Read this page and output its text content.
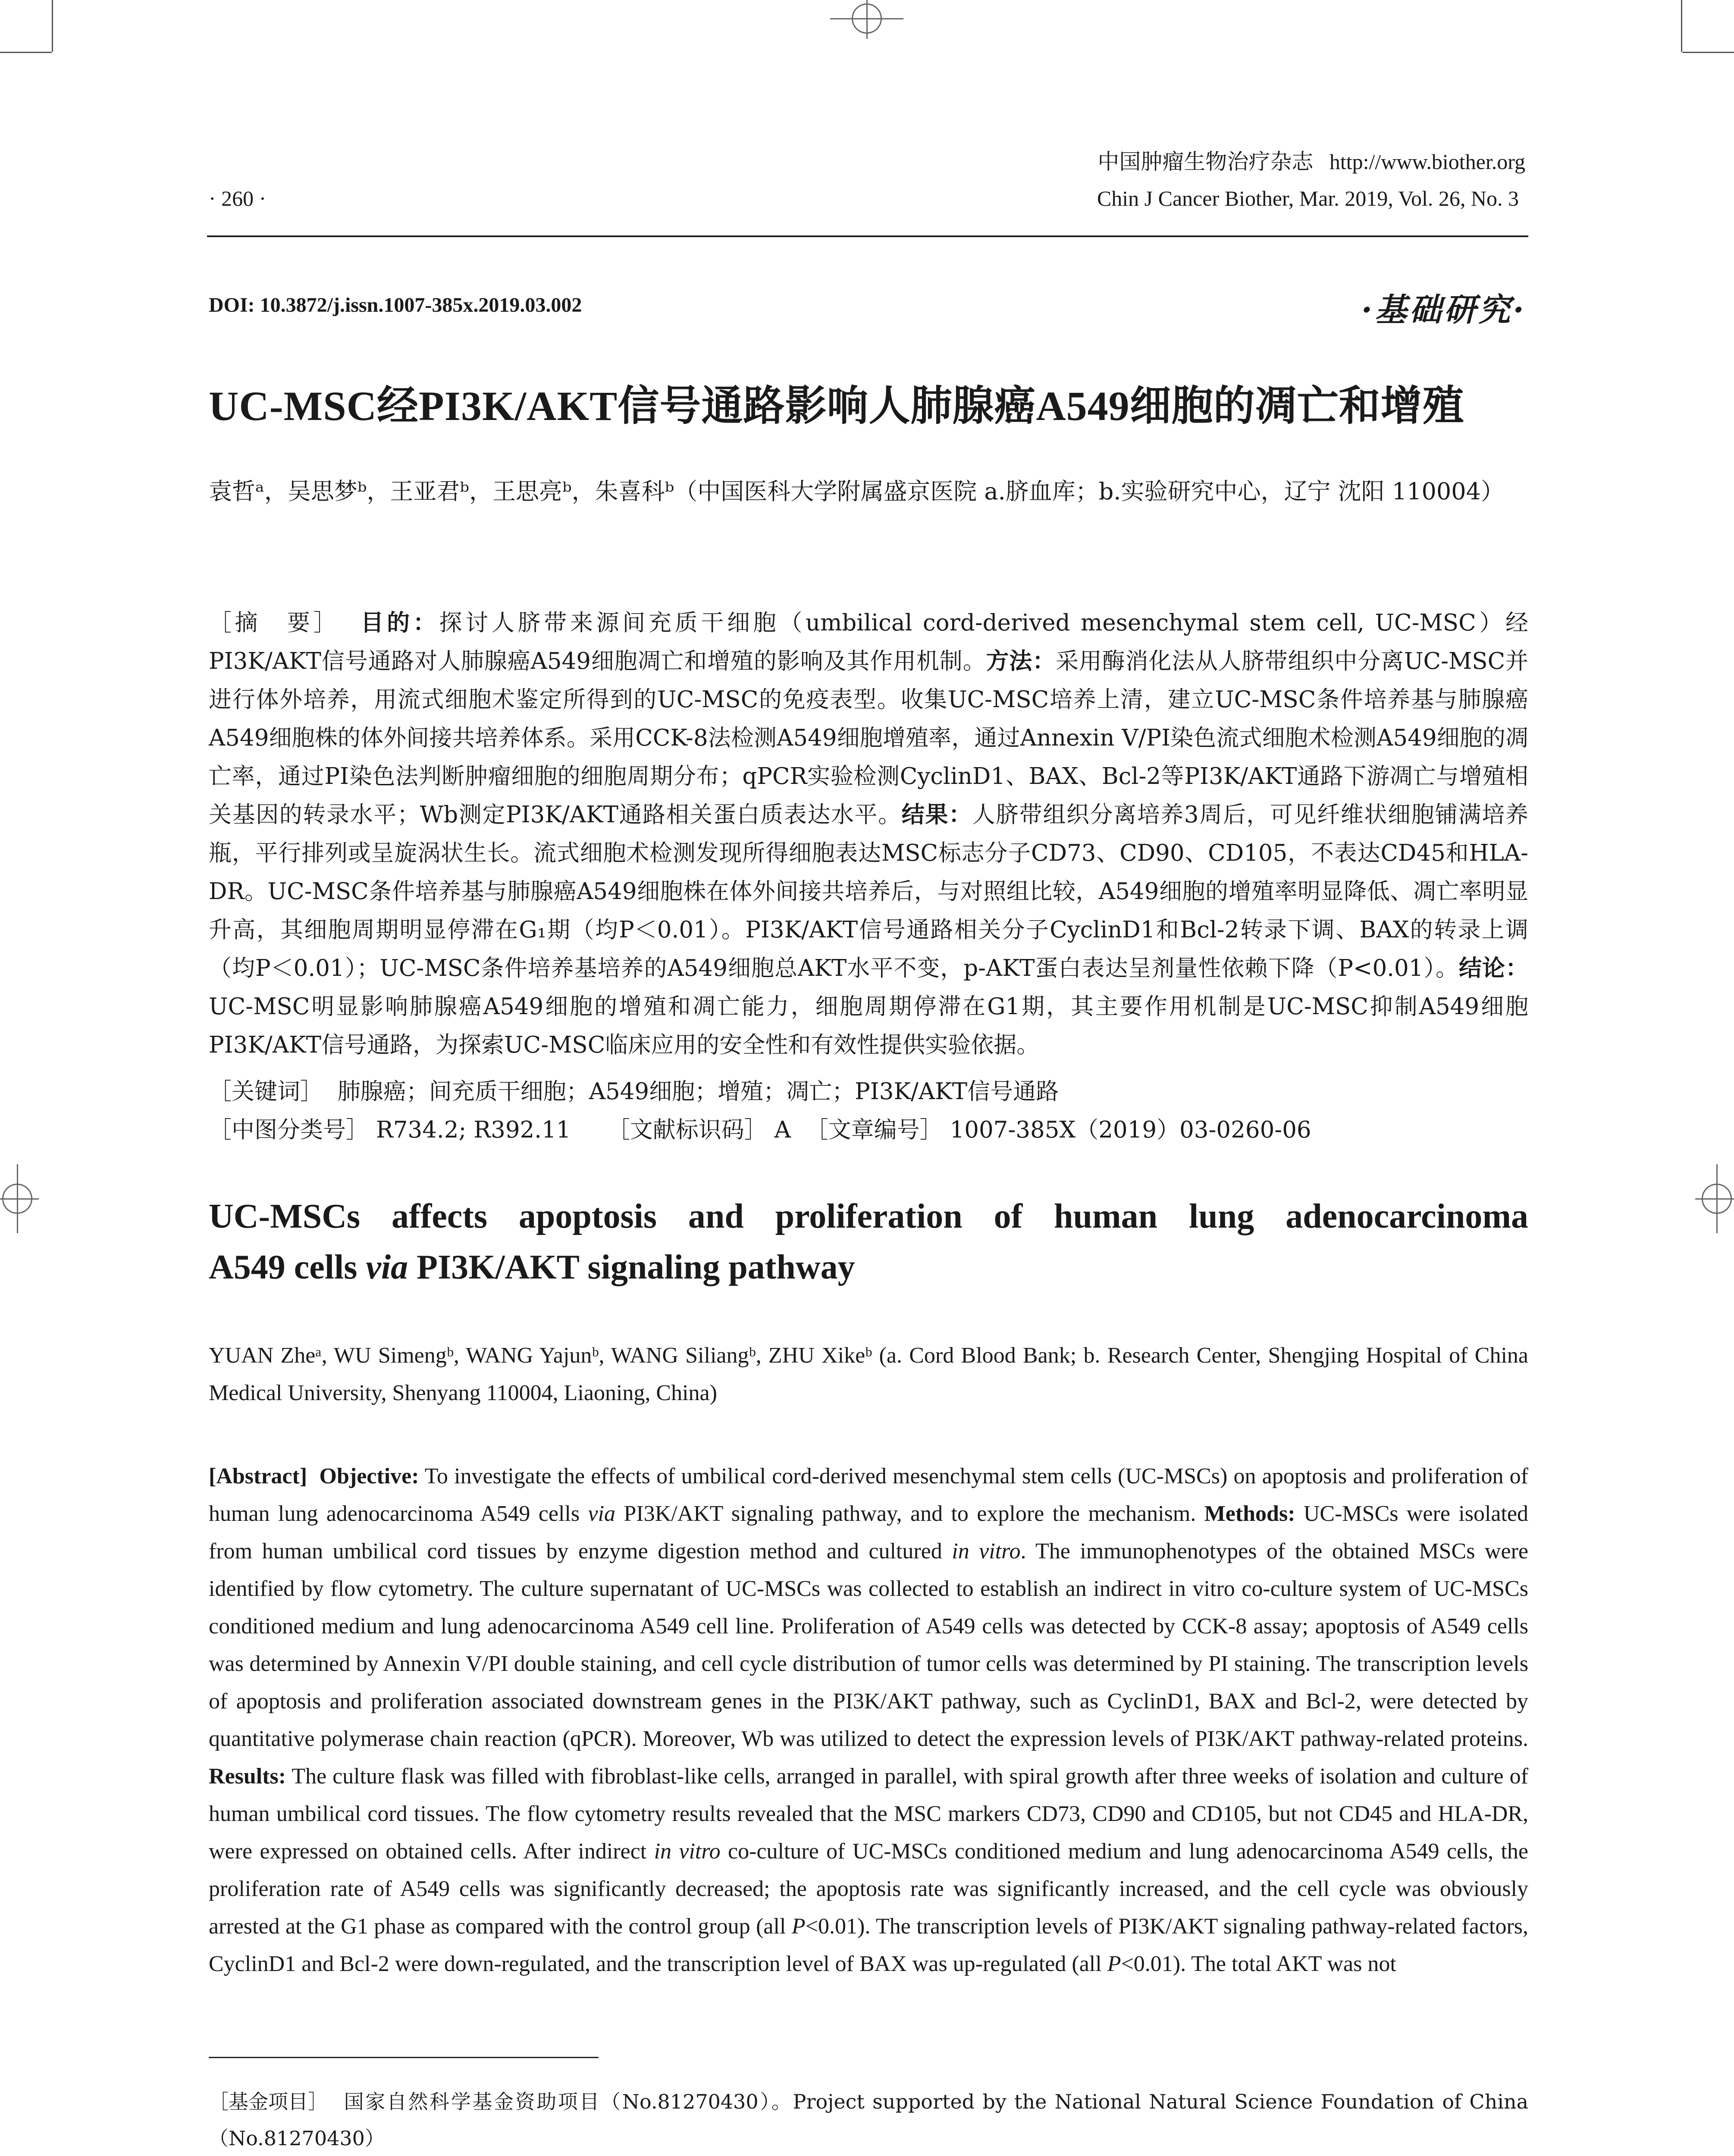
中国肿瘤生物治疗杂志 http://www.biother.org
· 260 ·	Chin J Cancer Biother, Mar. 2019, Vol. 26, No. 3
DOI: 10.3872/j.issn.1007-385x.2019.03.002	·基础研究·
UC-MSC经PI3K/AKT信号通路影响人肺腺癌A549细胞的凋亡和增殖
袁哲ᵃ，吴思梦ᵇ，王亚君ᵇ，王思亮ᵇ，朱喜科ᵇ（中国医科大学附属盛京医院 a.脐血库；b.实验研究中心，辽宁 沈阳 110004）
［摘　要］ 目的：探讨人脐带来源间充质干细胞（umbilical cord-derived mesenchymal stem cell, UC-MSC）经PI3K/AKT信号通路对人肺腺癌A549细胞凋亡和增殖的影响及其作用机制。方法：采用酶消化法从人脐带组织中分离UC-MSC并进行体外培养，用流式细胞术鉴定所得到的UC-MSC的免疫表型。收集UC-MSC培养上清，建立UC-MSC条件培养基与肺腺癌A549细胞株的体外间接共培养体系。采用CCK-8法检测A549细胞增殖率，通过Annexin V/PI染色流式细胞术检测A549细胞的凋亡率，通过PI染色法判断肿瘤细胞的细胞周期分布；qPCR实验检测CyclinD1、BAX、Bcl-2等PI3K/AKT通路下游凋亡与增殖相关基因的转录水平；Wb测定PI3K/AKT通路相关蛋白质表达水平。结果：人脐带组织分离培养3周后，可见纤维状细胞铺满培养瓶，平行排列或呈旋涡状生长。流式细胞术检测发现所得细胞表达MSC标志分子CD73、CD90、CD105，不表达CD45和HLA-DR。UC-MSC条件培养基与肺腺癌A549细胞株在体外间接共培养后，与对照组比较，A549细胞的增殖率明显降低、凋亡率明显升高，其细胞周期明显停滞在G₁期（均P＜0.01）。PI3K/AKT信号通路相关分子CyclinD1和Bcl-2转录下调、BAX的转录上调（均P＜0.01）；UC-MSC条件培养基培养的A549细胞总AKT水平不变，p-AKT蛋白表达呈剂量性依赖下降（P<0.01）。结论：UC-MSC明显影响肺腺癌A549细胞的增殖和凋亡能力，细胞周期停滞在G1期，其主要作用机制是UC-MSC抑制A549细胞PI3K/AKT信号通路，为探索UC-MSC临床应用的安全性和有效性提供实验依据。
［关键词］ 肺腺癌；间充质干细胞；A549细胞；增殖；凋亡；PI3K/AKT信号通路
［中图分类号］ R734.2; R392.11 ［文献标识码］ A ［文章编号］ 1007-385X（2019）03-0260-06
UC-MSCs affects apoptosis and proliferation of human lung adenocarcinoma
A549 cells via PI3K/AKT signaling pathway
YUAN Zheᵃ, WU Simengᵇ, WANG Yajunᵇ, WANG Siliangᵇ, ZHU Xikeᵇ (a. Cord Blood Bank; b. Research Center, Shengjing Hospital of China Medical University, Shenyang 110004, Liaoning, China)
[Abstract] Objective: To investigate the effects of umbilical cord-derived mesenchymal stem cells (UC-MSCs) on apoptosis and proliferation of human lung adenocarcinoma A549 cells via PI3K/AKT signaling pathway, and to explore the mechanism. Methods: UC-MSCs were isolated from human umbilical cord tissues by enzyme digestion method and cultured in vitro. The immunophenotypes of the obtained MSCs were identified by flow cytometry. The culture supernatant of UC-MSCs was collected to establish an indirect in vitro co-culture system of UC-MSCs conditioned medium and lung adenocarcinoma A549 cell line. Proliferation of A549 cells was detected by CCK-8 assay; apoptosis of A549 cells was determined by Annexin V/PI double staining, and cell cycle distribution of tumor cells was determined by PI staining. The transcription levels of apoptosis and proliferation associated downstream genes in the PI3K/AKT pathway, such as CyclinD1, BAX and Bcl-2, were detected by quantitative polymerase chain reaction (qPCR). Moreover, Wb was utilized to detect the expression levels of PI3K/AKT pathway-related proteins. Results: The culture flask was filled with fibroblast-like cells, arranged in parallel, with spiral growth after three weeks of isolation and culture of human umbilical cord tissues. The flow cytometry results revealed that the MSC markers CD73, CD90 and CD105, but not CD45 and HLA-DR, were expressed on obtained cells. After indirect in vitro co-culture of UC-MSCs conditioned medium and lung adenocarcinoma A549 cells, the proliferation rate of A549 cells was significantly decreased; the apoptosis rate was significantly increased, and the cell cycle was obviously arrested at the G1 phase as compared with the control group (all P<0.01). The transcription levels of PI3K/AKT signaling pathway-related factors, CyclinD1 and Bcl-2 were down-regulated, and the transcription level of BAX was up-regulated (all P<0.01). The total AKT was not
［基金项目］ 国家自然科学基金资助项目（No.81270430）。Project supported by the National Natural Science Foundation of China（No.81270430）
